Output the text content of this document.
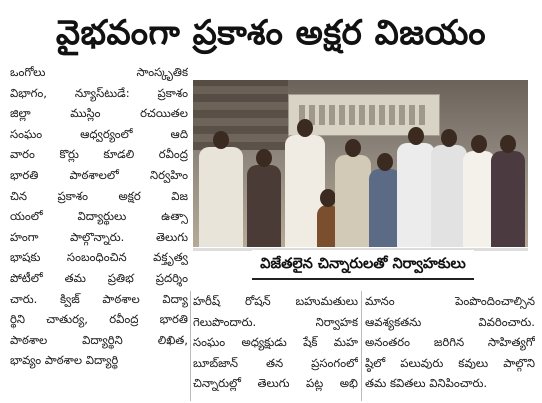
వైభవంగా ప్రకాశం అక్షర విజయం
ఒంగోలు సాంస్కృతిక
విభాగం, న్యూస్‌టుడే: ప్రకాశం
జిల్లా ముస్లిం రచయితల
సంఘం ఆధ్వర్యంలో ఆది
వారం కొర్లు కూడలి రవీంద్ర
భారతి పాఠశాలలో నిర్వహిం
చిన ప్రకాశం అక్షర విజ
యంలో విద్యార్థులు ఉత్సా
హంగా పాల్గొన్నారు. తెలుగు
భాషకు సంబంధించిన వక్తృత్వ
పోటీలో తమ ప్రతిభ ప్రదర్శిం
చారు. క్విజ్ పాఠశాల విద్యా
ర్థిని చాతుర్య, రవీంద్ర భారతి
పాఠశాల విద్యార్థిని లిఖిత,
భావ్యం పాఠశాల విద్యార్థి
విజేతలైన చిన్నారులతో నిర్వాహకులు
హరీష్ రోషన్ బహుమతులు
గెలుపొందారు. నిర్వాహక
సంఘం అధ్యక్షుడు షేక్ మహ
బూబ్‌జాన్ తన ప్రసంగంలో
చిన్నారుల్లో తెలుగు పట్ల అభి
మానం పెంపొందించాల్సిన
ఆవశ్యకతను వివరించారు.
అనంతరం జరిగిన సాహిత్యగో
ష్ఠిలో పలువురు కవులు పాల్గొని
తమ కవితలు వినిపించారు.
